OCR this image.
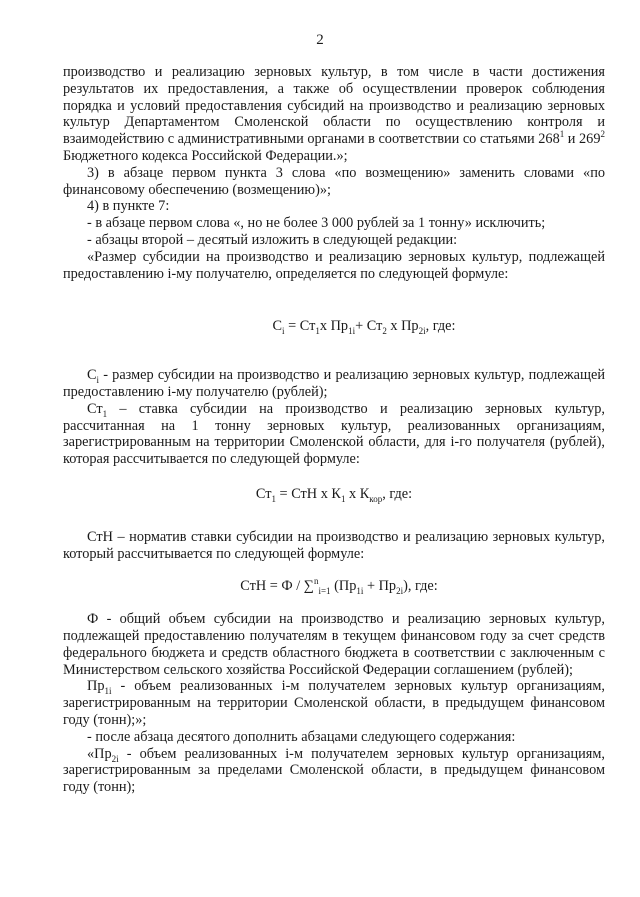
2

производство и реализацию зерновых культур, в том числе в части достижения результатов их предоставления, а также об осуществлении проверок соблюдения порядка и условий предоставления субсидий на производство и реализацию зерновых культур Департаментом Смоленской области по осуществлению контроля и взаимодействию с административными органами в соответствии со статьями $268^1$ и $269^2$ Бюджетного кодекса Российской Федерации.»;

3) в абзаце первом пункта 3 слова «по возмещению» заменить словами «по финансовому обеспечению (возмещению)»;

4) в пункте 7:

- в абзаце первом слова «, но не более 3 000 рублей за 1 тонну» исключить;

- абзацы второй – десятый изложить в следующей редакции:

«Размер субсидии на производство и реализацию зерновых культур, подлежащей предоставлению i-му получателю, определяется по следующей формуле:

$С_i = Ст_1х$ $Пр_{1i}+ Ст_2$ х $Пр_{2i}$, где:

$С_i$ - размер субсидии на производство и реализацию зерновых культур, подлежащей предоставлению i-му получателю (рублей);

$Ст_1$ – ставка субсидии на производство и реализацию зерновых культур, рассчитанная на 1 тонну зерновых культур, реализованных организациям, зарегистрированным на территории Смоленской области, для i-го получателя (рублей), которая рассчитывается по следующей формуле:

$Ст_1$ = СтН х $К_1$ х $К_{кор}$, где:

СтН – норматив ставки субсидии на производство и реализацию зерновых культур, который рассчитывается по следующей формуле:

СтН = Ф / ∑$^n_{i=1}$ $(Пр_{1i} + Пр_{2i})$, где:

Ф - общий объем субсидии на производство и реализацию зерновых культур, подлежащей предоставлению получателям в текущем финансовом году за счет средств федерального бюджета и средств областного бюджета в соответствии с заключенным с Министерством сельского хозяйства Российской Федерации соглашением (рублей);

$Пр_{1i}$ - объем реализованных i-м получателем зерновых культур организациям, зарегистрированным на территории Смоленской области, в предыдущем финансовом году (тонн);»;

- после абзаца десятого дополнить абзацами следующего содержания:

«$Пр_{2i}$ - объем реализованных i-м получателем зерновых культур организациям, зарегистрированным за пределами Смоленской области, в предыдущем финансовом году (тонн);
